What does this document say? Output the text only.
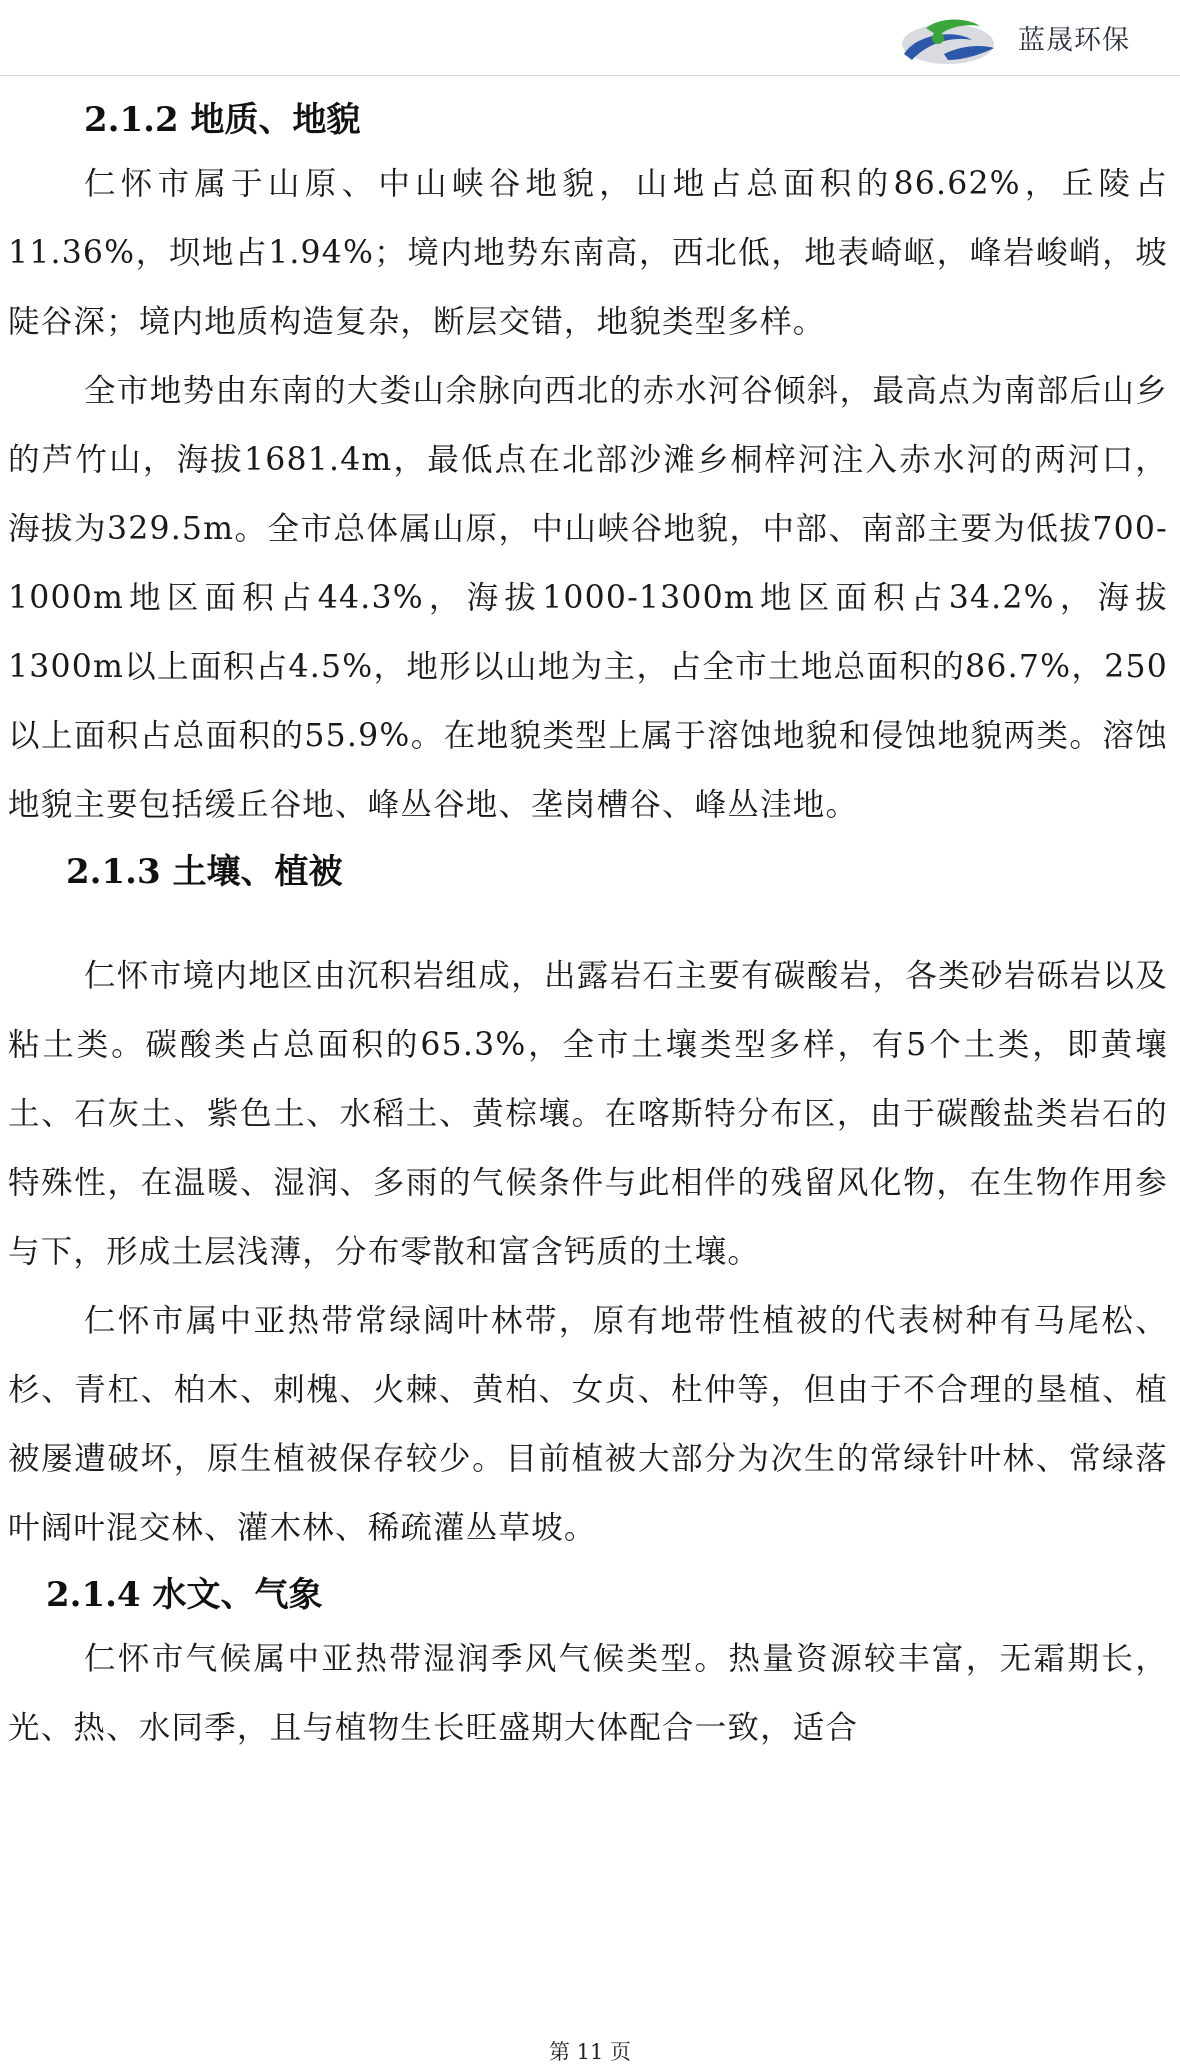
蓝晟环保
2.1.2 地质、地貌

仁怀市属于山原、中山峡谷地貌，山地占总面积的86.62%，丘陵占11.36%，坝地占1.94%；境内地势东南高，西北低，地表崎岖，峰岩峻峭，坡陡谷深；境内地质构造复杂，断层交错，地貌类型多样。

全市地势由东南的大娄山余脉向西北的赤水河谷倾斜，最高点为南部后山乡的芦竹山，海拔1681.4m，最低点在北部沙滩乡桐梓河注入赤水河的两河口，海拔为329.5m。全市总体属山原，中山峡谷地貌，中部、南部主要为低拔700-1000m地区面积占44.3%，海拔1000-1300m地区面积占34.2%，海拔1300m以上面积占4.5%，地形以山地为主，占全市土地总面积的86.7%，250以上面积占总面积的55.9%。在地貌类型上属于溶蚀地貌和侵蚀地貌两类。溶蚀地貌主要包括缓丘谷地、峰丛谷地、垄岗槽谷、峰丛洼地。

2.1.3 土壤、植被

仁怀市境内地区由沉积岩组成，出露岩石主要有碳酸岩，各类砂岩砾岩以及粘土类。碳酸类占总面积的65.3%，全市土壤类型多样，有5个土类，即黄壤土、石灰土、紫色土、水稻土、黄棕壤。在喀斯特分布区，由于碳酸盐类岩石的特殊性，在温暖、湿润、多雨的气候条件与此相伴的残留风化物，在生物作用参与下，形成土层浅薄，分布零散和富含钙质的土壤。

仁怀市属中亚热带常绿阔叶林带，原有地带性植被的代表树种有马尾松、杉、青杠、柏木、刺槐、火棘、黄柏、女贞、杜仲等，但由于不合理的垦植、植被屡遭破坏，原生植被保存较少。目前植被大部分为次生的常绿针叶林、常绿落叶阔叶混交林、灌木林、稀疏灌丛草坡。

2.1.4 水文、气象

仁怀市气候属中亚热带湿润季风气候类型。热量资源较丰富，无霜期长，光、热、水同季，且与植物生长旺盛期大体配合一致，适合

第 11 页
